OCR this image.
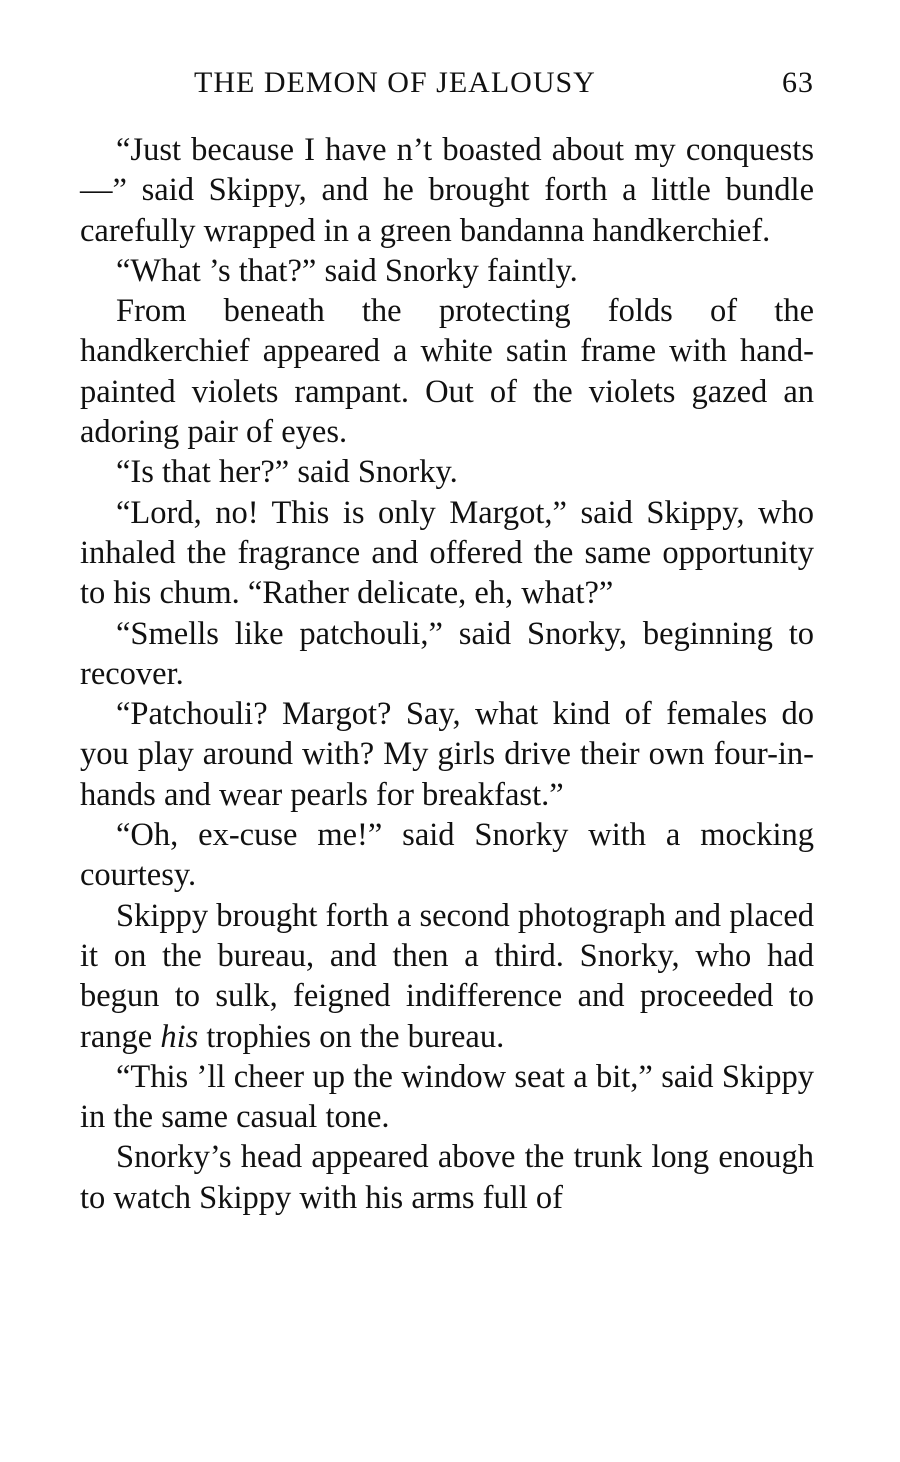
THE DEMON OF JEALOUSY	63

“Just because I have n’t boasted about my conquests—” said Skippy, and he brought forth a little bundle carefully wrapped in a green bandanna handkerchief.

“What ’s that?” said Snorky faintly.

From beneath the protecting folds of the handkerchief appeared a white satin frame with hand-painted violets rampant. Out of the violets gazed an adoring pair of eyes.

“Is that her?” said Snorky.

“Lord, no! This is only Margot,” said Skippy, who inhaled the fragrance and offered the same opportunity to his chum. “Rather delicate, eh, what?”

“Smells like patchouli,” said Snorky, beginning to recover.

“Patchouli? Margot? Say, what kind of females do you play around with? My girls drive their own four-in-hands and wear pearls for breakfast.”

“Oh, ex-cuse me!” said Snorky with a mocking courtesy.

Skippy brought forth a second photograph and placed it on the bureau, and then a third. Snorky, who had begun to sulk, feigned indifference and proceeded to range his trophies on the bureau.

“This ’ll cheer up the window seat a bit,” said Skippy in the same casual tone.

Snorky’s head appeared above the trunk long enough to watch Skippy with his arms full of
